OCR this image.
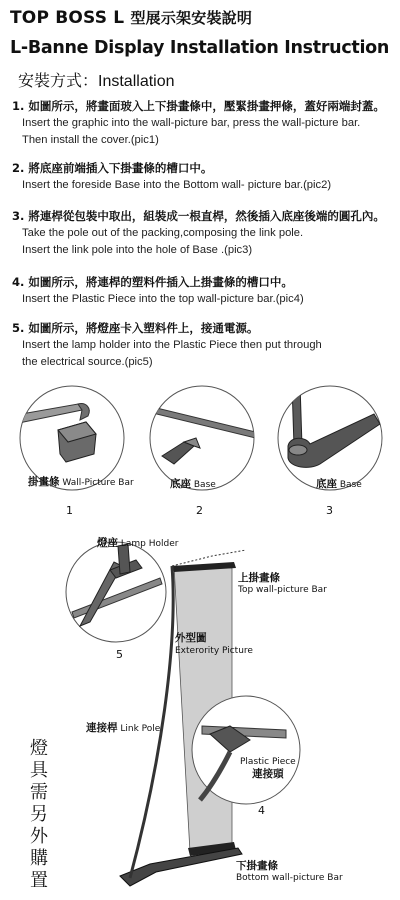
TOP BOSS L 型展示架安裝說明
L-Banne Display Installation Instruction
安裝方式：Installation
1. 如圖所示，將畫面玻入上下掛畫條中，壓緊掛畫押條，蓋好兩端封蓋。
Insert the graphic into the wall-picture bar, press the wall-picture bar.
Then install the cover.(pic1)
2. 將底座前端插入下掛畫條的槽口中。
Insert the foreside Base into the Bottom wall- picture bar.(pic2)
3. 將連桿從包裝中取出，組裝成一根直桿，然後插入底座後端的圓孔內。
Take the pole out of the packing,composing the link pole.
Insert the link pole into the hole of Base .(pic3)
4. 如圖所示，將連桿的塑料件插入上掛畫條的槽口中。
Insert the Plastic Piece into the top wall-picture bar.(pic4)
5. 如圖所示，將燈座卡入塑料件上，接通電源。
Insert the lamp holder into the Plastic Piece then put through
the electrical source.(pic5)
掛畫條 Wall-Picture Bar
1
底座 Base
2
底座 Base
3
燈座 Lamp Holder
上掛畫條
Top wall-picture Bar
外型圖
Exterority Picture
5
連接桿 Link Pole
Plastic Piece
連接頭
4
下掛畫條
Bottom wall-picture Bar
燈具需另外購置
